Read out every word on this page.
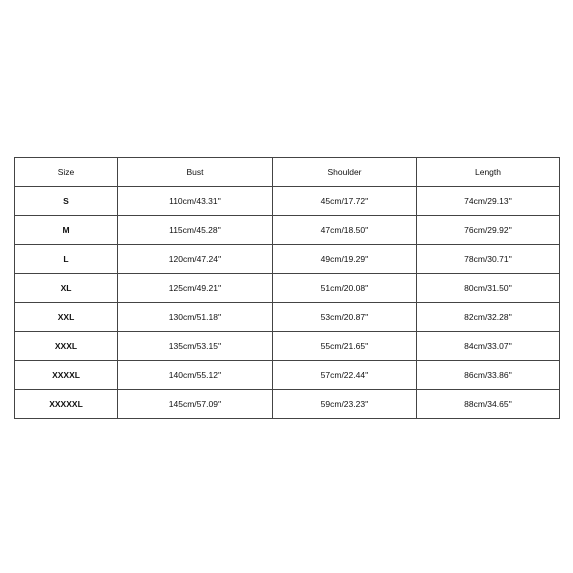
Size	Bust	Shoulder	Length
S	110cm/43.31''	45cm/17.72''	74cm/29.13''
M	115cm/45.28''	47cm/18.50''	76cm/29.92''
L	120cm/47.24''	49cm/19.29''	78cm/30.71''
XL	125cm/49.21''	51cm/20.08''	80cm/31.50''
XXL	130cm/51.18''	53cm/20.87''	82cm/32.28''
XXXL	135cm/53.15''	55cm/21.65''	84cm/33.07''
XXXXL	140cm/55.12''	57cm/22.44''	86cm/33.86''
XXXXXL	145cm/57.09''	59cm/23.23''	88cm/34.65''
